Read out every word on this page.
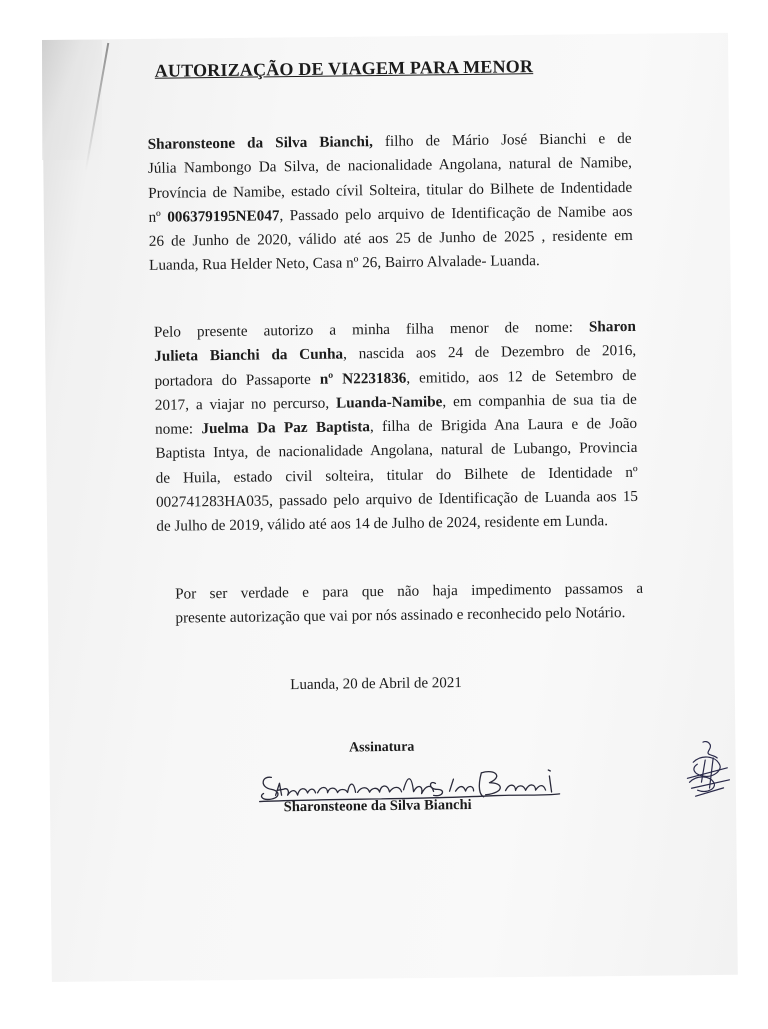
AUTORIZAÇÃO DE VIAGEM PARA MENOR
Sharonsteone da Silva Bianchi, filho de Mário José Bianchi e de
Júlia Nambongo Da Silva, de nacionalidade Angolana, natural de Namibe,
Província de Namibe, estado cívil Solteira, titular do Bilhete de Indentidade
nº 006379195NE047, Passado pelo arquivo de Identificação de Namibe aos
26 de Junho de 2020, válido até aos 25 de Junho de 2025 , residente em
Luanda, Rua Helder Neto, Casa nº 26, Bairro Alvalade- Luanda.
Pelo presente autorizo a minha filha menor de nome: Sharon
Julieta Bianchi da Cunha, nascida aos 24 de Dezembro de 2016,
portadora do Passaporte nº N2231836, emitido, aos 12 de Setembro de
2017, a viajar no percurso, Luanda-Namibe, em companhia de sua tia de
nome: Juelma Da Paz Baptista, filha de Brigida Ana Laura e de João
Baptista Intya, de nacionalidade Angolana, natural de Lubango, Provincia
de Huila, estado civil solteira, titular do Bilhete de Identidade nº
002741283HA035, passado pelo arquivo de Identificação de Luanda aos 15
de Julho de 2019, válido até aos 14 de Julho de 2024, residente em Lunda.
Por ser verdade e para que não haja impedimento passamos a
presente autorização que vai por nós assinado e reconhecido pelo Notário.
Luanda, 20 de Abril de 2021
Assinatura
Sharonsteone da Silva Bianchi
